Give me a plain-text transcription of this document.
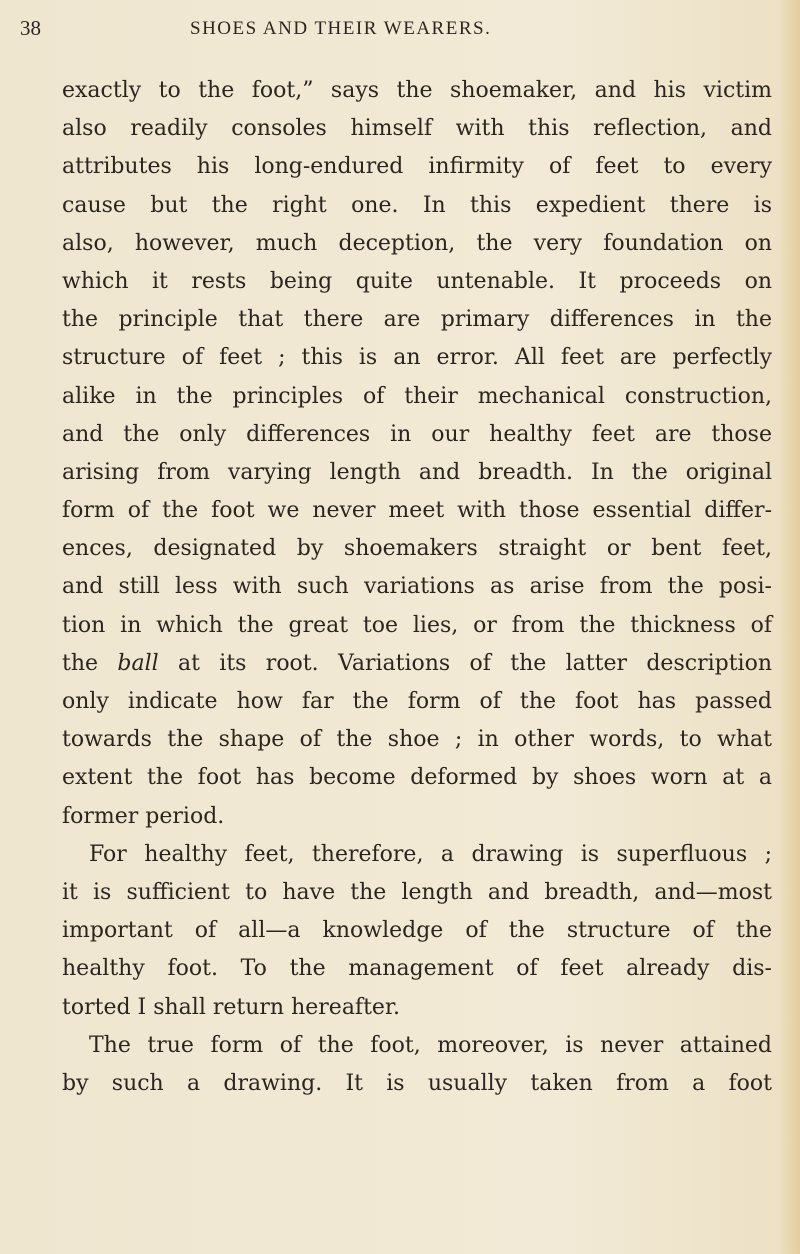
38	SHOES AND THEIR WEARERS.
exactly to the foot,” says the shoemaker, and his victim
also readily consoles himself with this reflection, and
attributes his long-endured infirmity of feet to every
cause but the right one. In this expedient there is
also, however, much deception, the very foundation on
which it rests being quite untenable. It proceeds on
the principle that there are primary differences in the
structure of feet ; this is an error. All feet are perfectly
alike in the principles of their mechanical construction,
and the only differences in our healthy feet are those
arising from varying length and breadth. In the original
form of the foot we never meet with those essential differ-
ences, designated by shoemakers straight or bent feet,
and still less with such variations as arise from the posi-
tion in which the great toe lies, or from the thickness of
the ball at its root. Variations of the latter description
only indicate how far the form of the foot has passed
towards the shape of the shoe ; in other words, to what
extent the foot has become deformed by shoes worn at a
former period.
For healthy feet, therefore, a drawing is superfluous ;
it is sufficient to have the length and breadth, and—most
important of all—a knowledge of the structure of the
healthy foot. To the management of feet already dis-
torted I shall return hereafter.
The true form of the foot, moreover, is never attained
by such a drawing. It is usually taken from a foot
